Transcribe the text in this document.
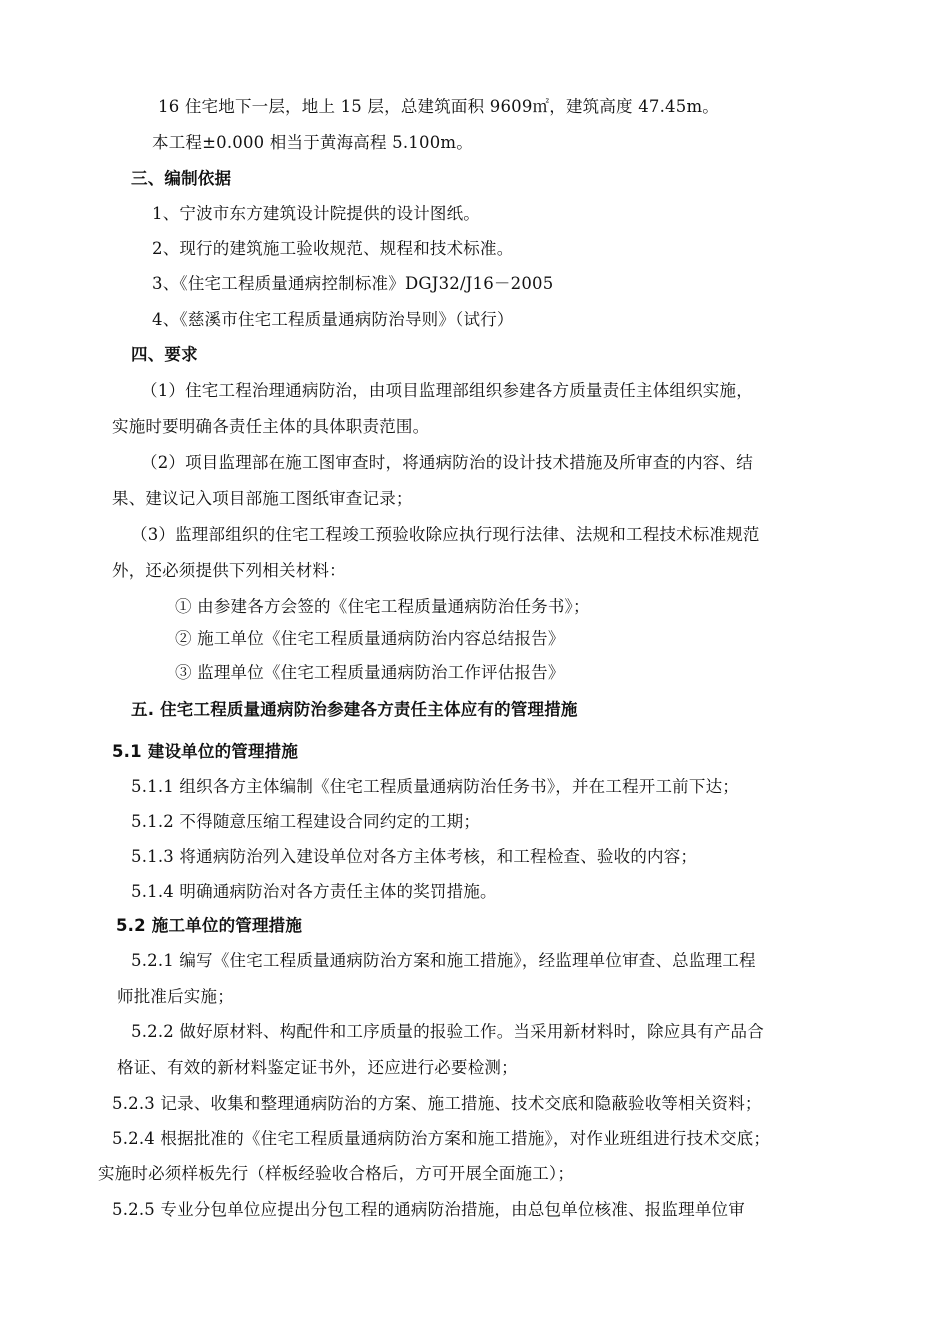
16 住宅地下一层，地上 15 层，总建筑面积 9609㎡，建筑高度 47.45m。
本工程±0.000 相当于黄海高程 5.100m。
三、编制依据
1、宁波市东方建筑设计院提供的设计图纸。
2、现行的建筑施工验收规范、规程和技术标准。
3、《住宅工程质量通病控制标准》DGJ32/J16－2005
4、《慈溪市住宅工程质量通病防治导则》（试行）
四、要求
（1）住宅工程治理通病防治，由项目监理部组织参建各方质量责任主体组织实施，
实施时要明确各责任主体的具体职责范围。
（2）项目监理部在施工图审查时，将通病防治的设计技术措施及所审查的内容、结
果、建议记入项目部施工图纸审查记录；
（3）监理部组织的住宅工程竣工预验收除应执行现行法律、法规和工程技术标准规范
外，还必须提供下列相关材料：
① 由参建各方会签的《住宅工程质量通病防治任务书》；
② 施工单位《住宅工程质量通病防治内容总结报告》
③ 监理单位《住宅工程质量通病防治工作评估报告》
五. 住宅工程质量通病防治参建各方责任主体应有的管理措施
5.1 建设单位的管理措施
5.1.1 组织各方主体编制《住宅工程质量通病防治任务书》，并在工程开工前下达；
5.1.2 不得随意压缩工程建设合同约定的工期；
5.1.3 将通病防治列入建设单位对各方主体考核，和工程检查、验收的内容；
5.1.4 明确通病防治对各方责任主体的奖罚措施。
5.2 施工单位的管理措施
5.2.1 编写《住宅工程质量通病防治方案和施工措施》，经监理单位审查、总监理工程
师批准后实施；
5.2.2 做好原材料、构配件和工序质量的报验工作。当采用新材料时，除应具有产品合
格证、有效的新材料鉴定证书外，还应进行必要检测；
5.2.3 记录、收集和整理通病防治的方案、施工措施、技术交底和隐蔽验收等相关资料；
5.2.4 根据批准的《住宅工程质量通病防治方案和施工措施》，对作业班组进行技术交底；
实施时必须样板先行（样板经验收合格后，方可开展全面施工）；
5.2.5 专业分包单位应提出分包工程的通病防治措施，由总包单位核准、报监理单位审
